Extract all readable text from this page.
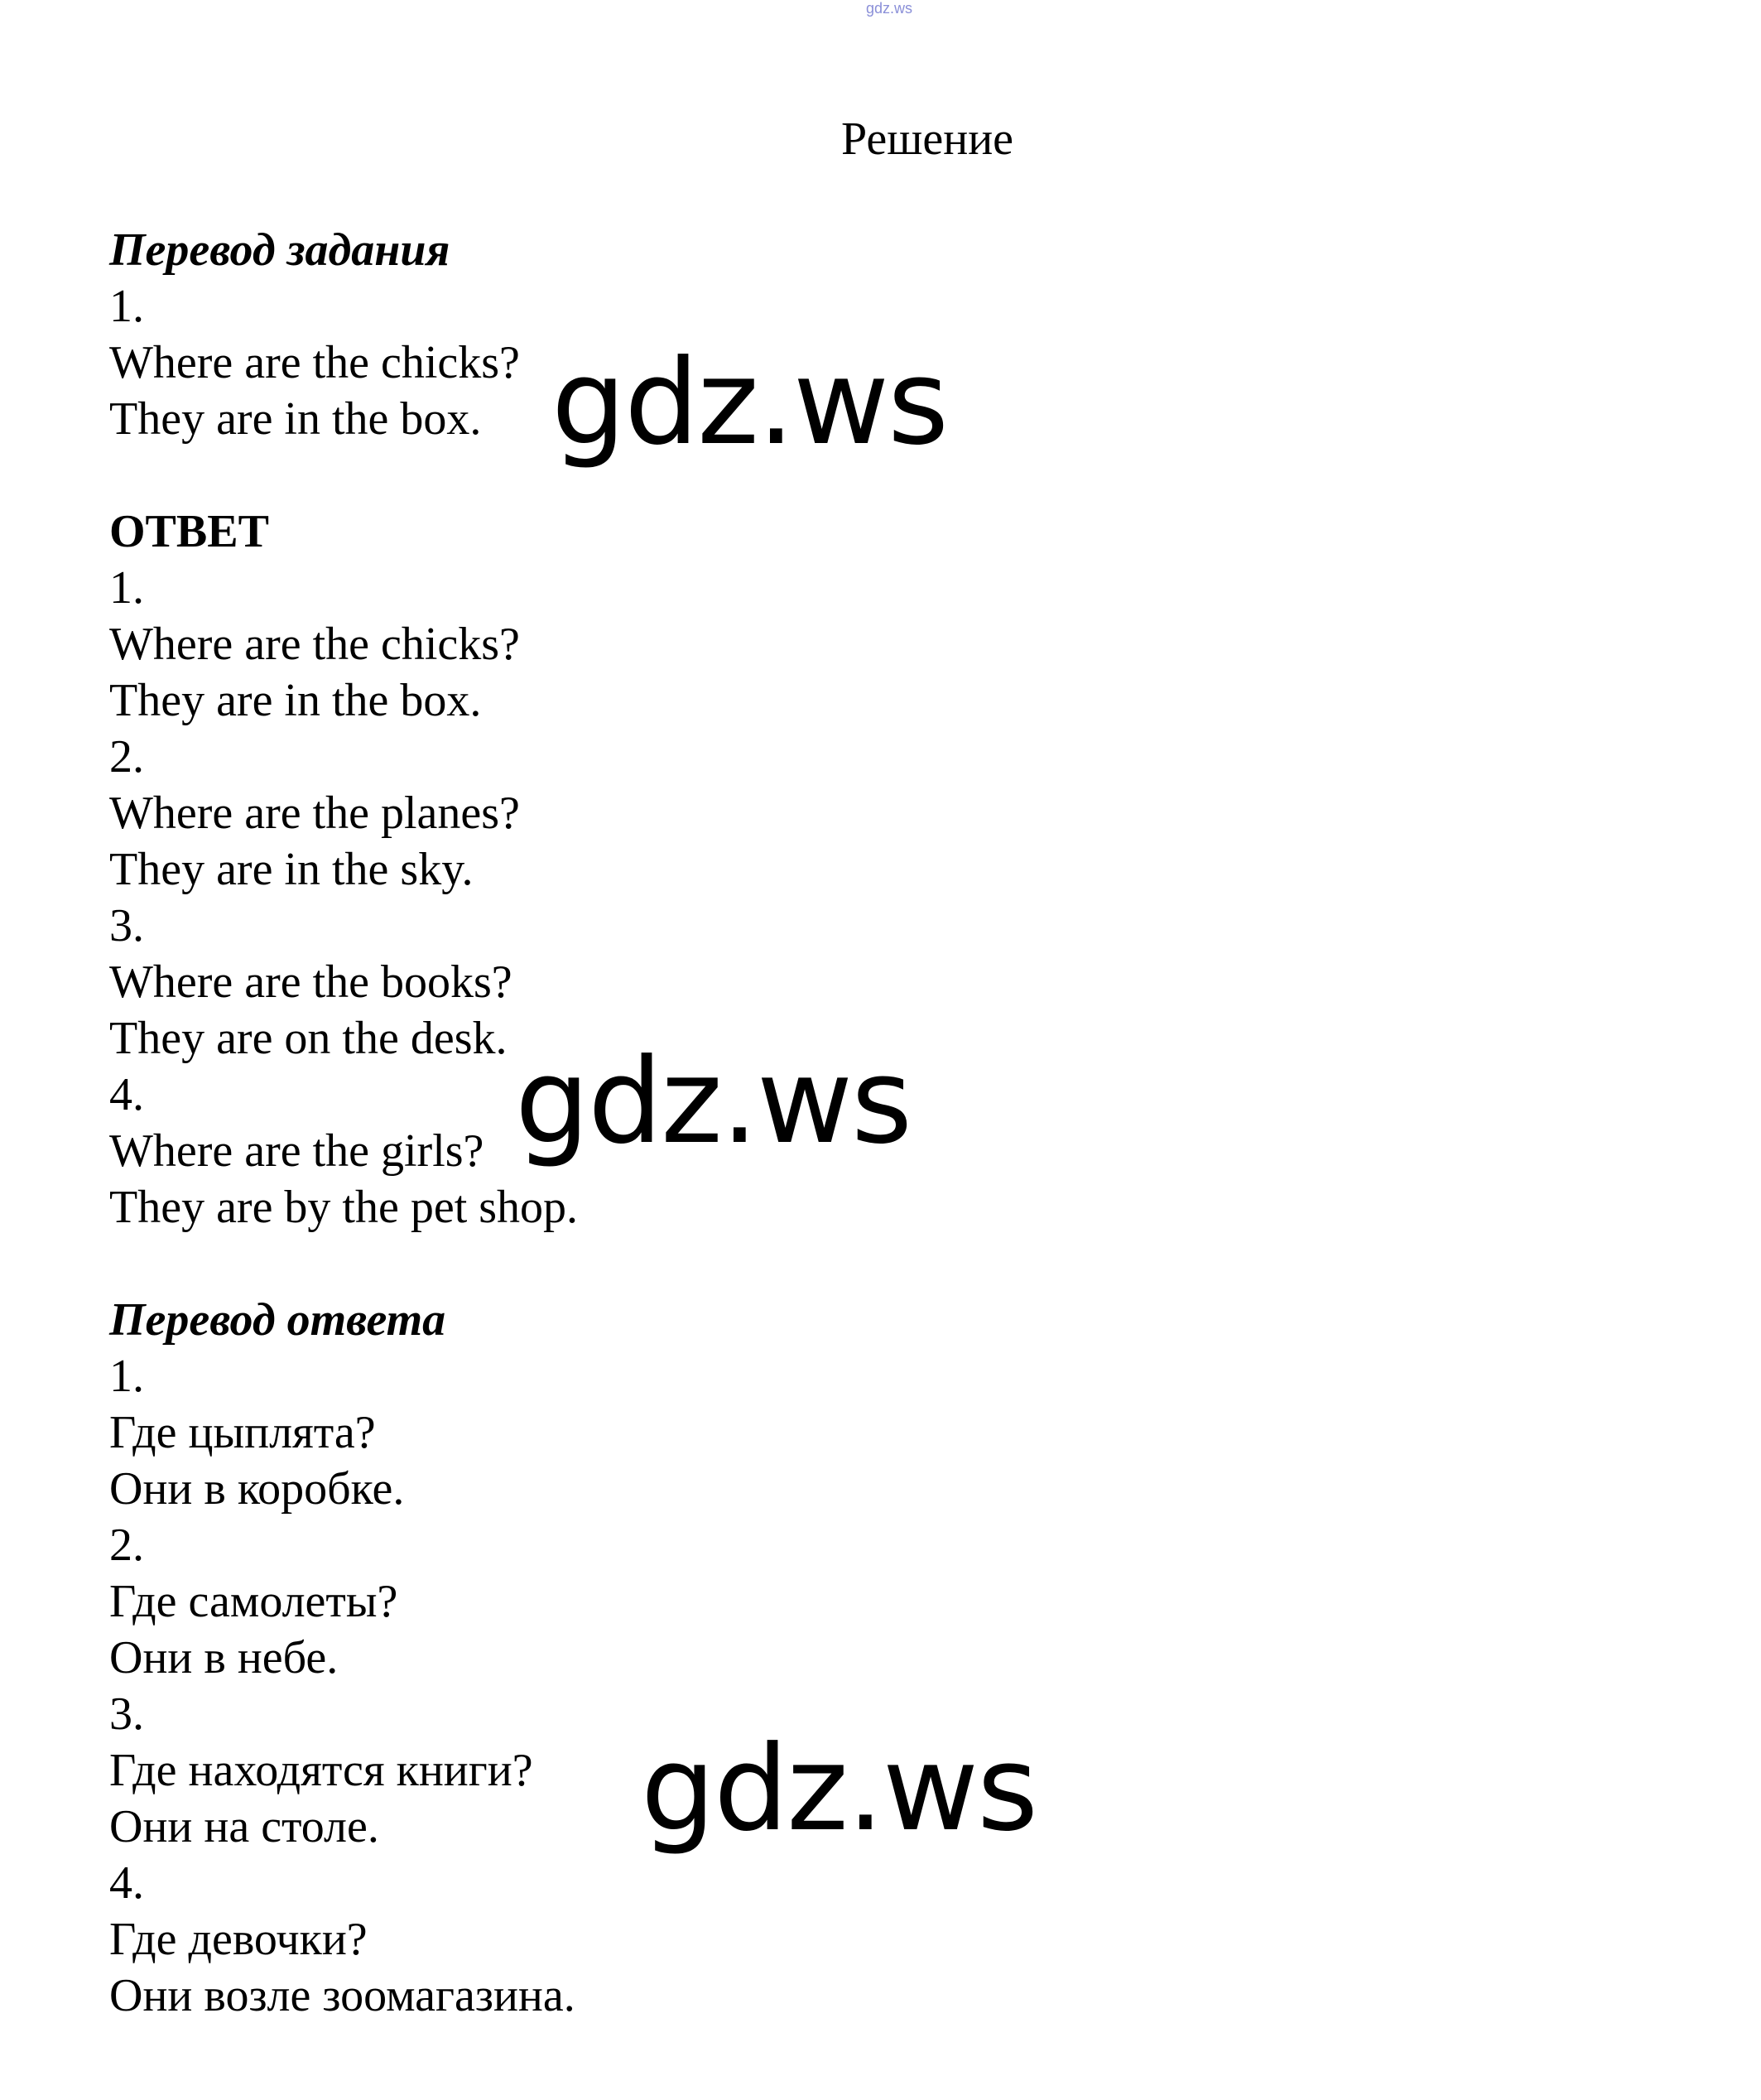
gdz.ws
Решение
Перевод задания
1.
Where are the chicks?
They are in the box.
ОТВЕТ
1.
Where are the chicks?
They are in the box.
2.
Where are the planes?
They are in the sky.
3.
Where are the books?
They are on the desk.
4.
Where are the girls?
They are by the pet shop.
Перевод ответа
1.
Где цыплята?
Они в коробке.
2.
Где самолеты?
Они в небе.
3.
Где находятся книги?
Они на столе.
4.
Где девочки?
Они возле зоомагазина.
gdz.ws
gdz.ws
gdz.ws
